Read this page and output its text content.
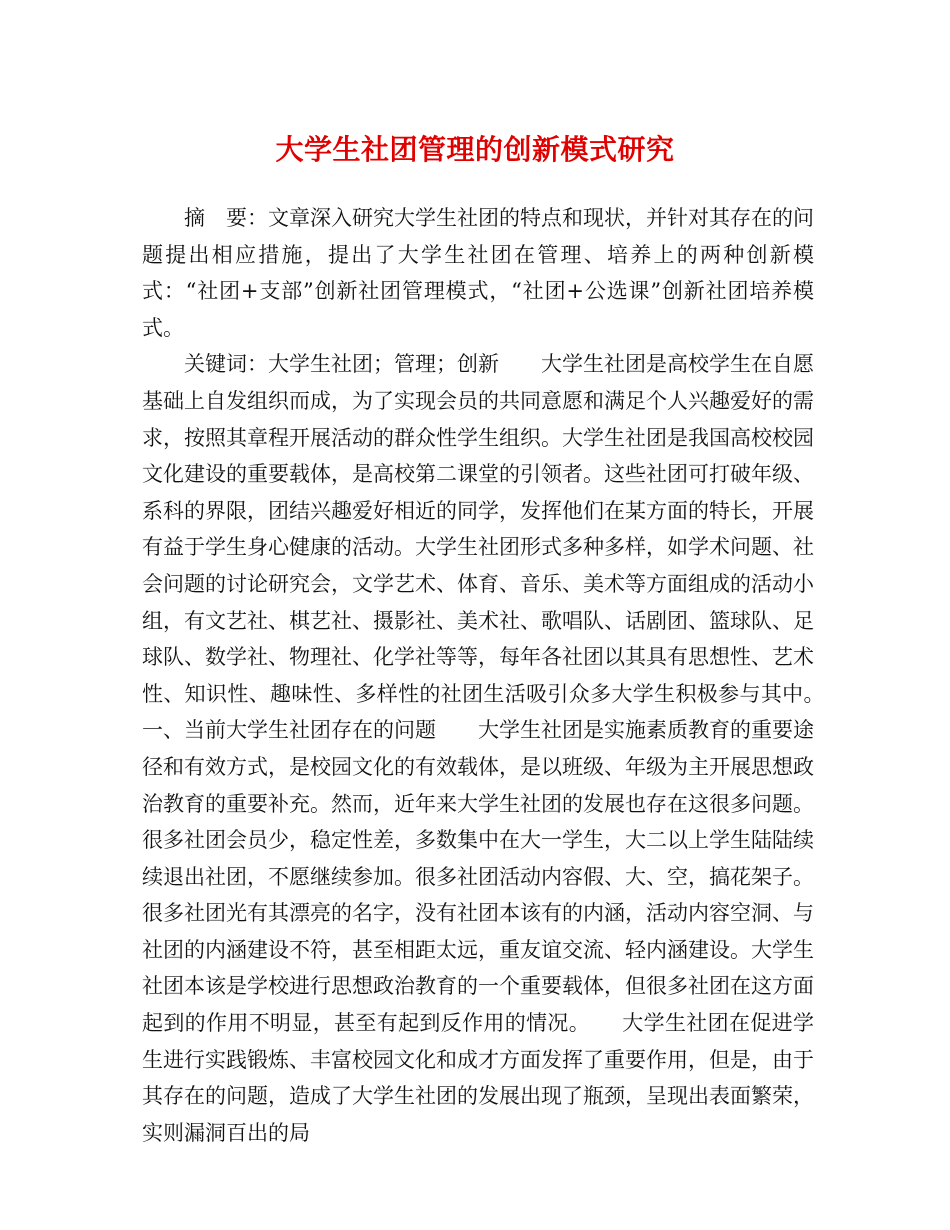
大学生社团管理的创新模式研究

摘　要：文章深入研究大学生社团的特点和现状，并针对其存在的问题提出相应措施，提出了大学生社团在管理、培养上的两种创新模式：“社团+支部”创新社团管理模式，“社团+公选课”创新社团培养模式。

关键词：大学生社团；管理；创新　　大学生社团是高校学生在自愿基础上自发组织而成，为了实现会员的共同意愿和满足个人兴趣爱好的需求，按照其章程开展活动的群众性学生组织。大学生社团是我国高校校园文化建设的重要载体，是高校第二课堂的引领者。这些社团可打破年级、系科的界限，团结兴趣爱好相近的同学，发挥他们在某方面的特长，开展有益于学生身心健康的活动。大学生社团形式多种多样，如学术问题、社会问题的讨论研究会，文学艺术、体育、音乐、美术等方面组成的活动小组，有文艺社、棋艺社、摄影社、美术社、歌唱队、话剧团、篮球队、足球队、数学社、物理社、化学社等等，每年各社团以其具有思想性、艺术性、知识性、趣味性、多样性的社团生活吸引众多大学生积极参与其中。　　一、当前大学生社团存在的问题　　大学生社团是实施素质教育的重要途径和有效方式，是校园文化的有效载体，是以班级、年级为主开展思想政治教育的重要补充。然而，近年来大学生社团的发展也存在这很多问题。很多社团会员少，稳定性差，多数集中在大一学生，大二以上学生陆陆续续退出社团，不愿继续参加。很多社团活动内容假、大、空，搞花架子。很多社团光有其漂亮的名字，没有社团本该有的内涵，活动内容空洞、与社团的内涵建设不符，甚至相距太远，重友谊交流、轻内涵建设。大学生社团本该是学校进行思想政治教育的一个重要载体，但很多社团在这方面起到的作用不明显，甚至有起到反作用的情况。　　大学生社团在促进学生进行实践锻炼、丰富校园文化和成才方面发挥了重要作用，但是，由于其存在的问题，造成了大学生社团的发展出现了瓶颈，呈现出表面繁荣，实则漏洞百出的局
